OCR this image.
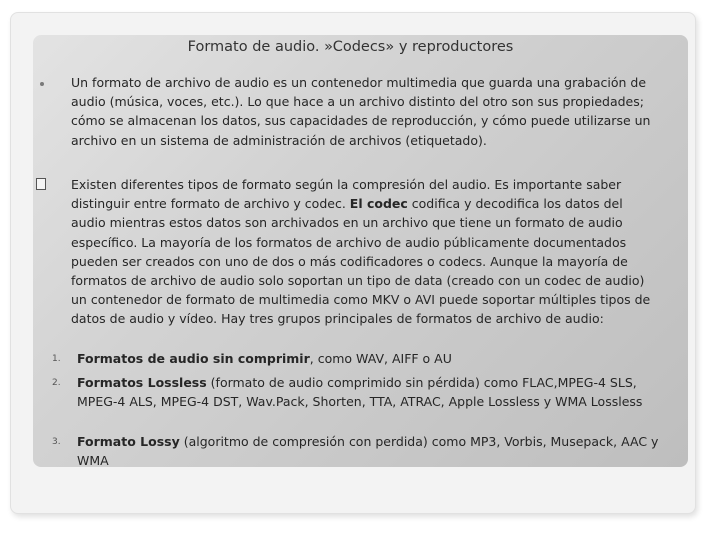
Formato de audio. »Codecs» y reproductores
Un formato de archivo de audio es un contenedor multimedia que guarda una grabación de audio (música, voces, etc.). Lo que hace a un archivo distinto del otro son sus propiedades; cómo se almacenan los datos, sus capacidades de reproducción, y cómo puede utilizarse un archivo en un sistema de administración de archivos (etiquetado).
Existen diferentes tipos de formato según la compresión del audio. Es importante saber distinguir entre formato de archivo y codec. El codec codifica y decodifica los datos del audio mientras estos datos son archivados en un archivo que tiene un formato de audio específico. La mayoría de los formatos de archivo de audio públicamente documentados pueden ser creados con uno de dos o más codificadores o codecs. Aunque la mayoría de formatos de archivo de audio solo soportan un tipo de data (creado con un codec de audio) un contenedor de formato de multimedia como MKV o AVI puede soportar múltiples tipos de datos de audio y vídeo. Hay tres grupos principales de formatos de archivo de audio:
1. Formatos de audio sin comprimir, como WAV, AIFF o AU
2. Formatos Lossless (formato de audio comprimido sin pérdida) como FLAC,MPEG-4 SLS, MPEG-4 ALS, MPEG-4 DST, Wav.Pack, Shorten, TTA, ATRAC, Apple Lossless y WMA Lossless
3. Formato Lossy (algoritmo de compresión con perdida) como MP3, Vorbis, Musepack, AAC y WMA
